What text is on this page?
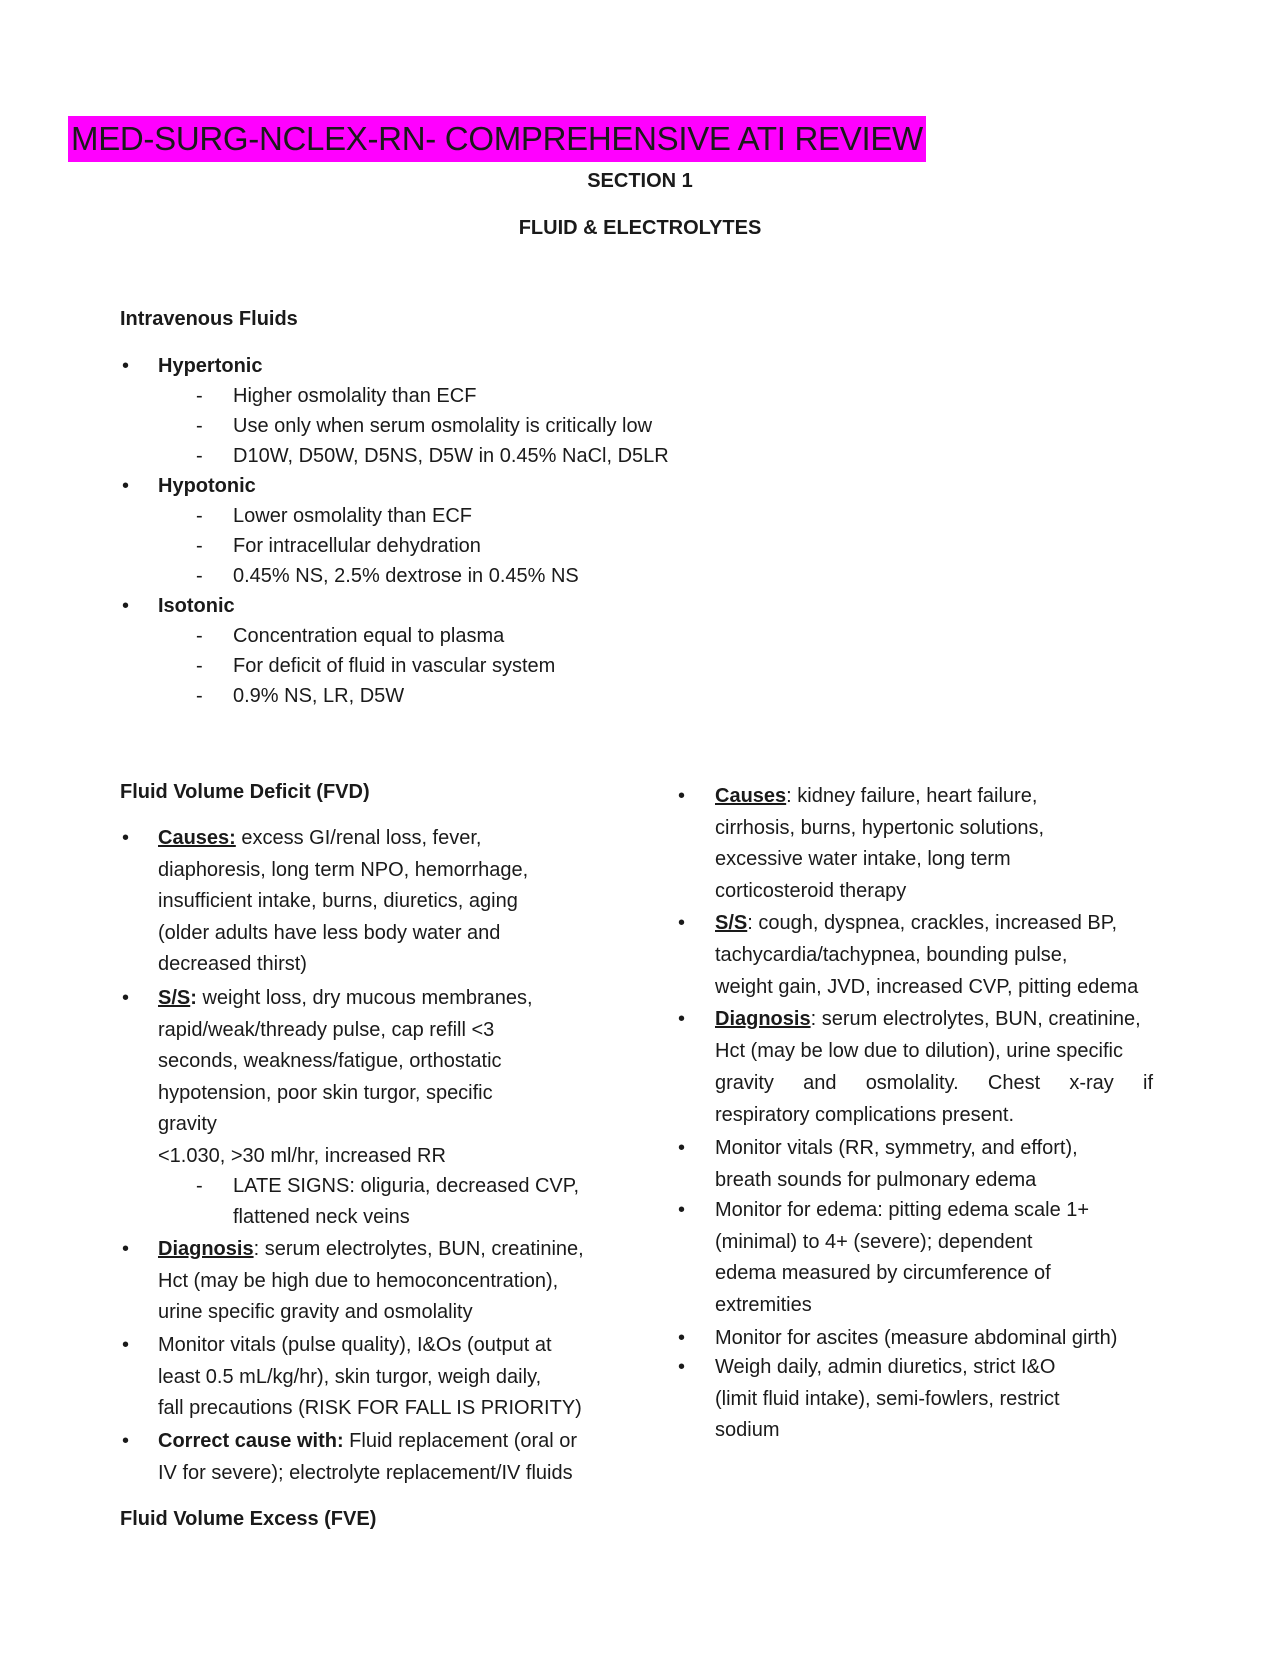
MED-SURG-NCLEX-RN- COMPREHENSIVE ATI REVIEW
SECTION 1
FLUID & ELECTROLYTES
Intravenous Fluids
• Hypertonic
- Higher osmolality than ECF
- Use only when serum osmolality is critically low
- D10W, D50W, D5NS, D5W in 0.45% NaCl, D5LR
• Hypotonic
- Lower osmolality than ECF
- For intracellular dehydration
- 0.45% NS, 2.5% dextrose in 0.45% NS
• Isotonic
- Concentration equal to plasma
- For deficit of fluid in vascular system
- 0.9% NS, LR, D5W
Fluid Volume Deficit (FVD)
• Causes: excess GI/renal loss, fever,
diaphoresis, long term NPO, hemorrhage,
insufficient intake, burns, diuretics, aging
(older adults have less body water and
decreased thirst)
• S/S: weight loss, dry mucous membranes,
rapid/weak/thready pulse, cap refill <3
seconds, weakness/fatigue, orthostatic
hypotension, poor skin turgor, specific
gravity
<1.030, >30 ml/hr, increased RR
- LATE SIGNS: oliguria, decreased CVP,
flattened neck veins
• Diagnosis: serum electrolytes, BUN, creatinine,
Hct (may be high due to hemoconcentration),
urine specific gravity and osmolality
• Monitor vitals (pulse quality), I&Os (output at
least 0.5 mL/kg/hr), skin turgor, weigh daily,
fall precautions (RISK FOR FALL IS PRIORITY)
• Correct cause with: Fluid replacement (oral or
IV for severe); electrolyte replacement/IV fluids
Fluid Volume Excess (FVE)
• Causes: kidney failure, heart failure,
cirrhosis, burns, hypertonic solutions,
excessive water intake, long term
corticosteroid therapy
• S/S: cough, dyspnea, crackles, increased BP,
tachycardia/tachypnea, bounding pulse,
weight gain, JVD, increased CVP, pitting edema
• Diagnosis: serum electrolytes, BUN, creatinine,
Hct (may be low due to dilution), urine specific
gravity and osmolality. Chest x-ray if
respiratory complications present.
• Monitor vitals (RR, symmetry, and effort),
breath sounds for pulmonary edema
• Monitor for edema: pitting edema scale 1+
(minimal) to 4+ (severe); dependent
edema measured by circumference of
extremities
• Monitor for ascites (measure abdominal girth)
• Weigh daily, admin diuretics, strict I&O
(limit fluid intake), semi-fowlers, restrict
sodium
